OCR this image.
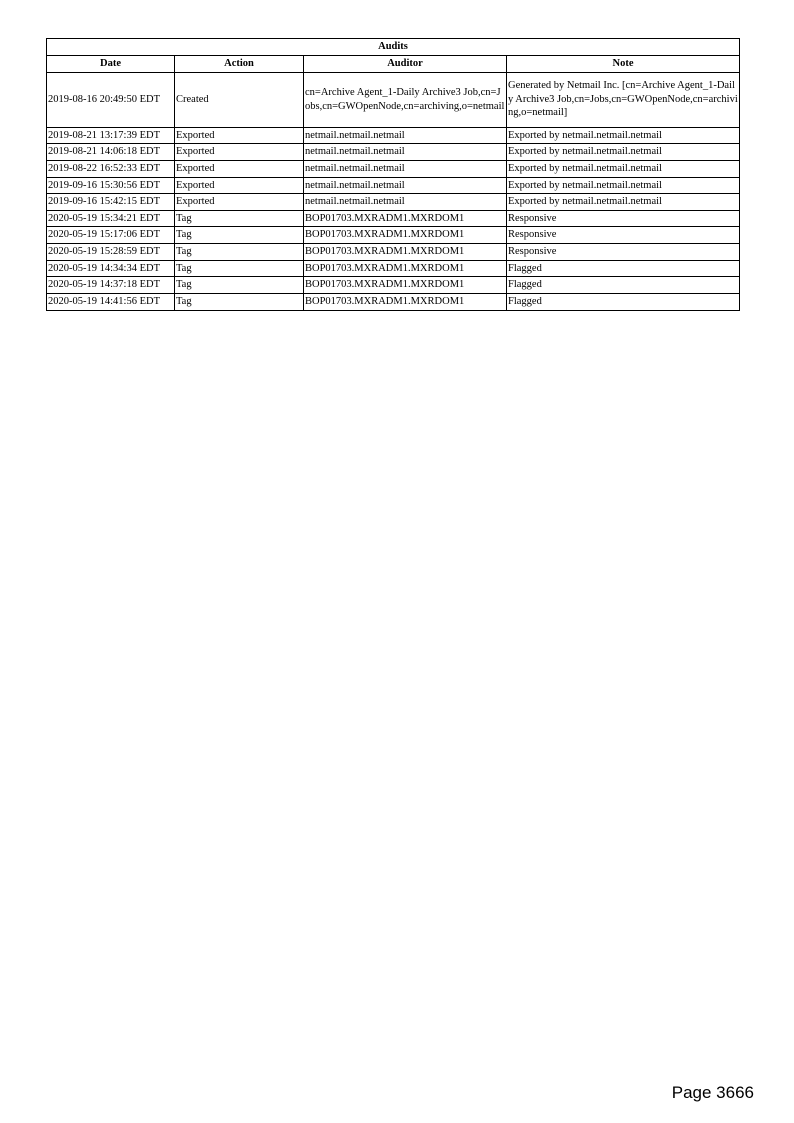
Audits			
Date	Action	Auditor	Note
2019-08-16 20:49:50 EDT	Created	cn=Archive Agent_1-Daily Archive3 Job,cn=Jobs,cn=GWOpenNode,cn=archiving,o=netmail	Generated by Netmail Inc. [cn=Archive Agent_1-Daily Archive3 Job,cn=Jobs,cn=GWOpenNode,cn=archiving,o=netmail]
2019-08-21 13:17:39 EDT	Exported	netmail.netmail.netmail	Exported by netmail.netmail.netmail
2019-08-21 14:06:18 EDT	Exported	netmail.netmail.netmail	Exported by netmail.netmail.netmail
2019-08-22 16:52:33 EDT	Exported	netmail.netmail.netmail	Exported by netmail.netmail.netmail
2019-09-16 15:30:56 EDT	Exported	netmail.netmail.netmail	Exported by netmail.netmail.netmail
2019-09-16 15:42:15 EDT	Exported	netmail.netmail.netmail	Exported by netmail.netmail.netmail
2020-05-19 15:34:21 EDT	Tag	BOP01703.MXRADM1.MXRDOM1	Responsive
2020-05-19 15:17:06 EDT	Tag	BOP01703.MXRADM1.MXRDOM1	Responsive
2020-05-19 15:28:59 EDT	Tag	BOP01703.MXRADM1.MXRDOM1	Responsive
2020-05-19 14:34:34 EDT	Tag	BOP01703.MXRADM1.MXRDOM1	Flagged
2020-05-19 14:37:18 EDT	Tag	BOP01703.MXRADM1.MXRDOM1	Flagged
2020-05-19 14:41:56 EDT	Tag	BOP01703.MXRADM1.MXRDOM1	Flagged
Page 3666
